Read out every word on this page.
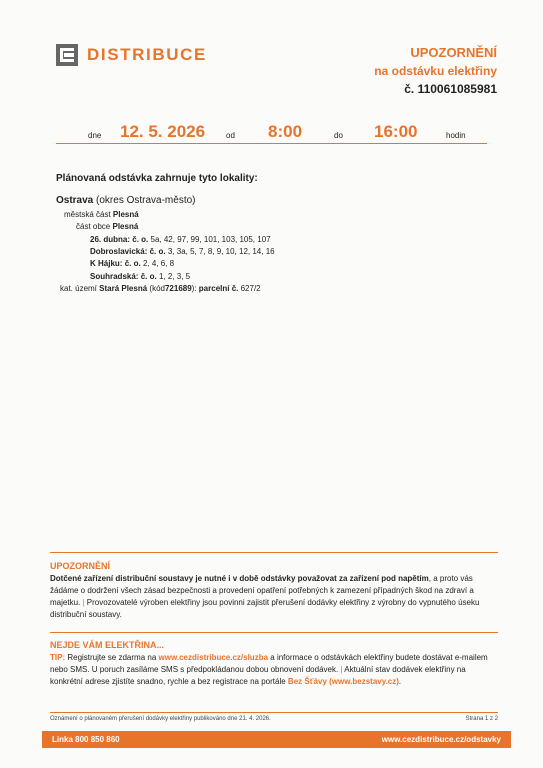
DISTRIBUCE	UPOZORNĚNÍ
na odstávku elektřiny
č. 110061085981
dne 12. 5. 2026	od 8:00	do 16:00	hodin
Plánovaná odstávka zahrnuje tyto lokality:
Ostrava (okres Ostrava-město)
městská část Plesná
část obce Plesná
26. dubna: č. o. 5a, 42, 97, 99, 101, 103, 105, 107
Dobroslavická: č. o. 3, 3a, 5, 7, 8, 9, 10, 12, 14, 16
K Hájku: č. o. 2, 4, 6, 8
Souhradská: č. o. 1, 2, 3, 5
kat. území Stará Plesná (kód721689): parcelní č. 627/2
UPOZORNĚNÍ
Dotčené zařízení distribuční soustavy je nutné i v době odstávky považovat za zařízení pod napětím, a proto vás žádáme o dodržení všech zásad bezpečnosti a provedení opatření potřebných k zamezení případných škod na zdraví a majetku. | Provozovatelé výroben elektřiny jsou povinni zajistit přerušení dodávky elektřiny z výrobny do vypnutého úseku distribuční soustavy.
NEJDE VÁM ELEKTŘINA...
TIP: Registrujte se zdarma na www.cezdistribuce.cz/sluzba a informace o odstávkách elektřiny budete dostávat e-mailem nebo SMS. U poruch zasíláme SMS s předpokládanou dobou obnovení dodávek. | Aktuální stav dodávek elektřiny na konkrétní adrese zjistíte snadno, rychle a bez registrace na portále Bez Šťávy (www.bezstavy.cz).
Oznámení o plánovaném přerušení dodávky elektřiny publikováno dne 21. 4. 2026.	Strana 1 z 2
Linka 800 850 860	www.cezdistribuce.cz/odstavky
